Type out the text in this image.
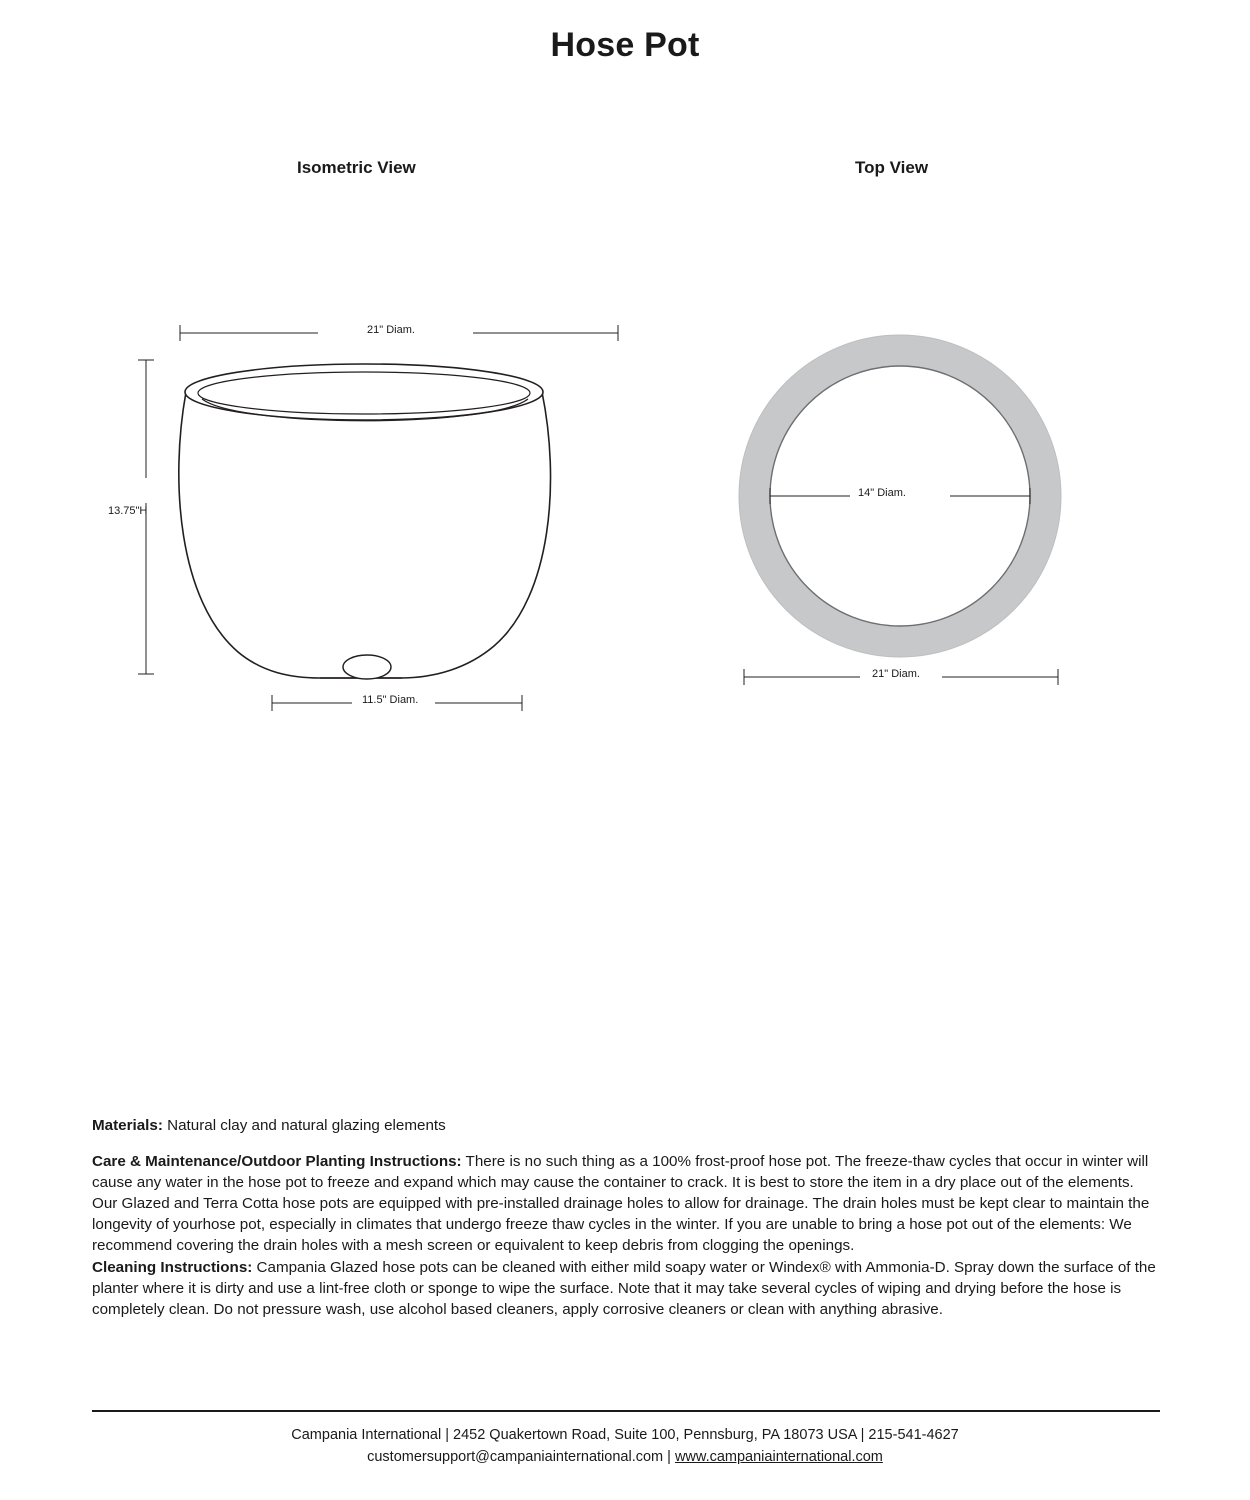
Hose Pot
Isometric View	Top View
21" Diam.
13.75"H
11.5" Diam.
14" Diam.
21" Diam.
Materials: Natural clay and natural glazing elements
Care & Maintenance/Outdoor Planting Instructions: There is no such thing as a 100% frost-proof hose pot. The freeze-thaw cycles that occur in winter will cause any water in the hose pot to freeze and expand which may cause the container to crack. It is best to store the item in a dry place out of the elements. Our Glazed and Terra Cotta hose pots are equipped with pre-installed drainage holes to allow for drainage. The drain holes must be kept clear to maintain the longevity of yourhose pot, especially in climates that undergo freeze thaw cycles in the winter. If you are unable to bring a hose pot out of the elements: We recommend covering the drain holes with a mesh screen or equivalent to keep debris from clogging the openings.
Cleaning Instructions: Campania Glazed hose pots can be cleaned with either mild soapy water or Windex® with Ammonia-D. Spray down the surface of the planter where it is dirty and use a lint-free cloth or sponge to wipe the surface. Note that it may take several cycles of wiping and drying before the hose is completely clean. Do not pressure wash, use alcohol based cleaners, apply corrosive cleaners or clean with anything abrasive.
Campania International | 2452 Quakertown Road, Suite 100, Pennsburg, PA 18073 USA | 215-541-4627
customersupport@campaniainternational.com | www.campaniainternational.com
